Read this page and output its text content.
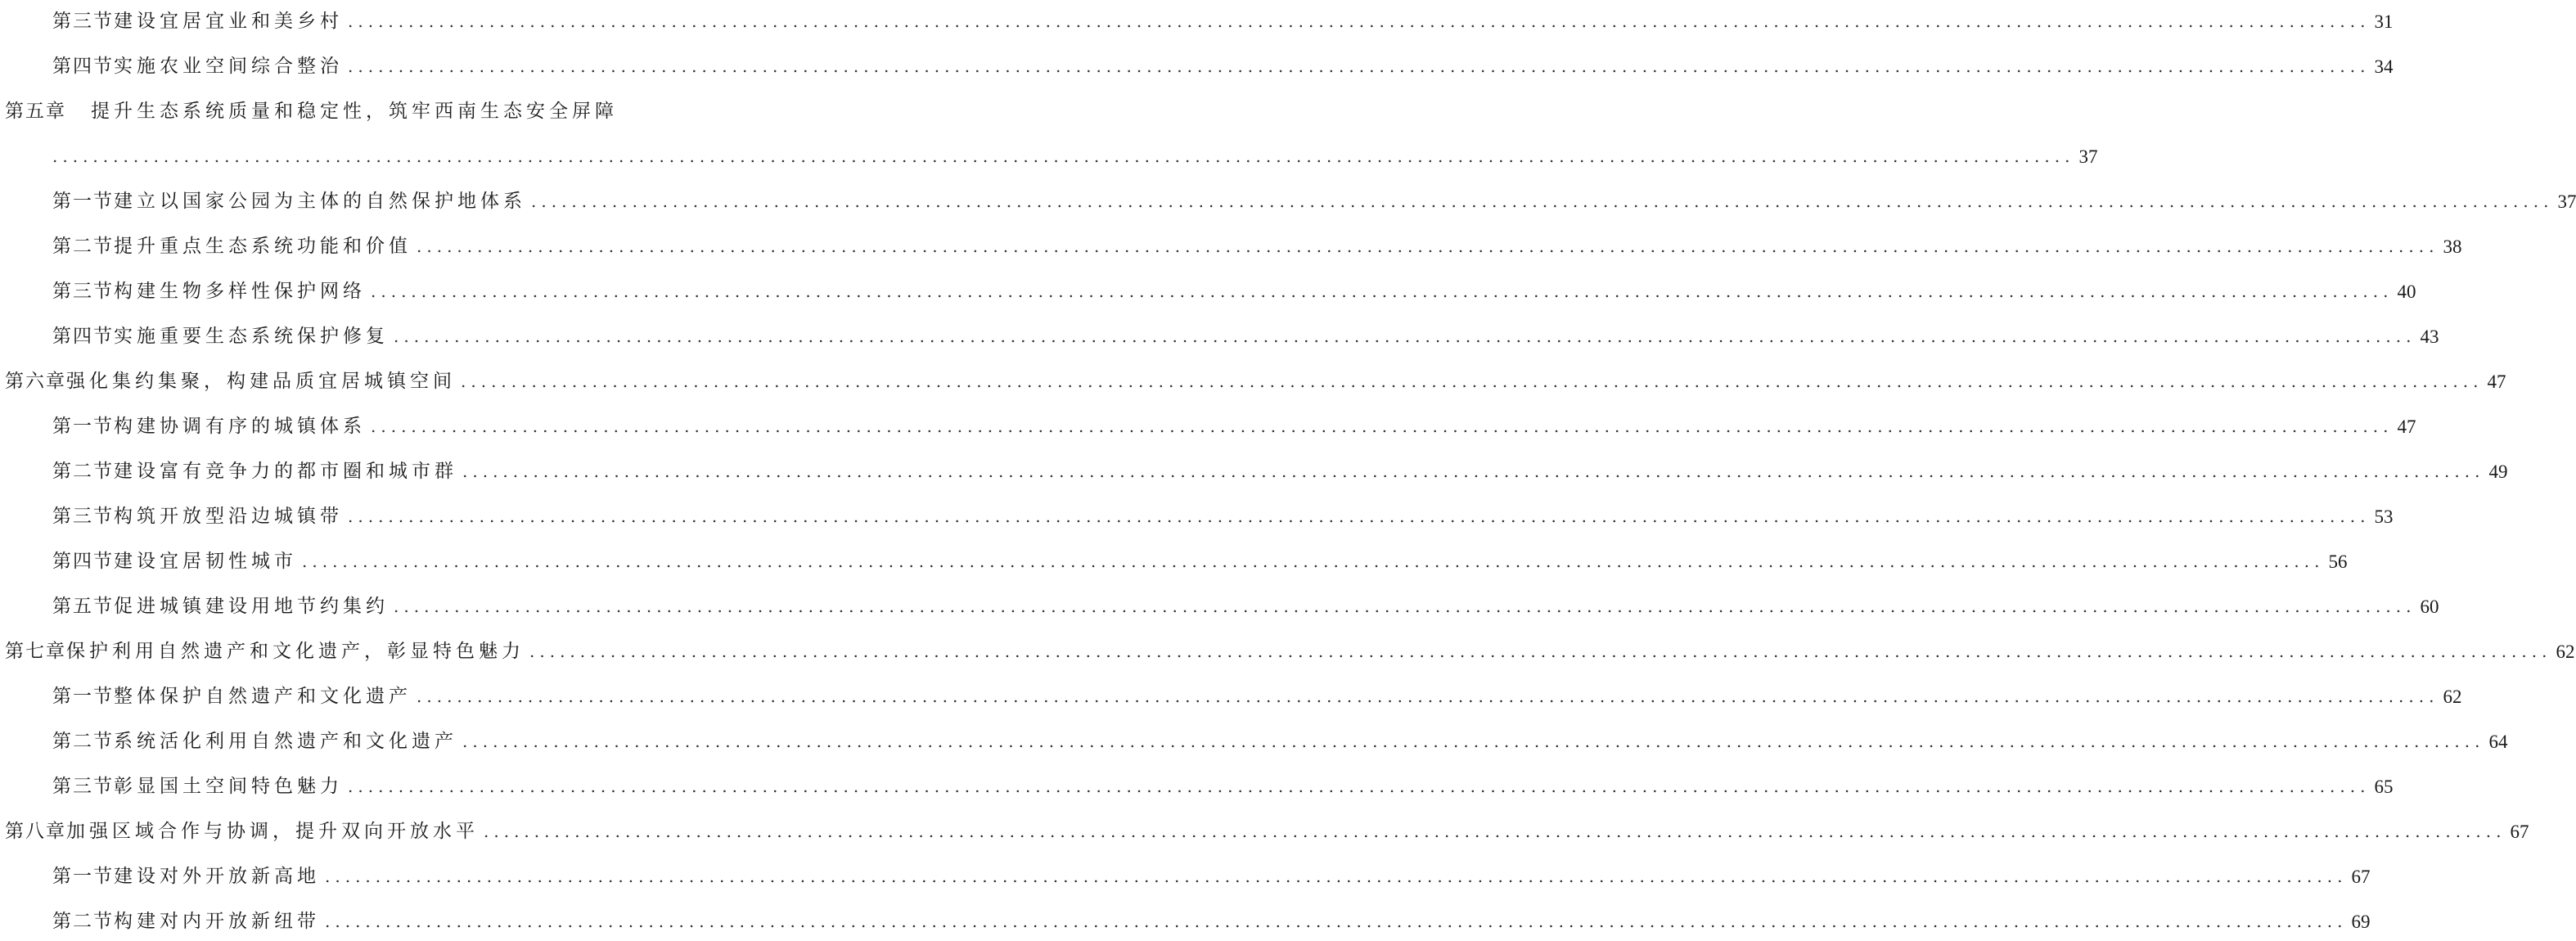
第三节 建设宜居宜业和美乡村 ........................................................................................................................................................................................................ 31
第四节 实施农业空间综合整治 ........................................................................................................................................................................................................ 34
第五章 提升生态系统质量和稳定性，筑牢西南生态安全屏障
........................................................................................................................................................................................................ 37
第一节 建立以国家公园为主体的自然保护地体系 ........................................................................................................................................................................................................ 37
第二节 提升重点生态系统功能和价值 ........................................................................................................................................................................................................ 38
第三节 构建生物多样性保护网络 ........................................................................................................................................................................................................ 40
第四节 实施重要生态系统保护修复 ........................................................................................................................................................................................................ 43
第六章 强化集约集聚，构建品质宜居城镇空间 ........................................................................................................................................................................................................ 47
第一节 构建协调有序的城镇体系 ........................................................................................................................................................................................................ 47
第二节 建设富有竞争力的都市圈和城市群 ........................................................................................................................................................................................................ 49
第三节 构筑开放型沿边城镇带 ........................................................................................................................................................................................................ 53
第四节 建设宜居韧性城市 ........................................................................................................................................................................................................ 56
第五节 促进城镇建设用地节约集约 ........................................................................................................................................................................................................ 60
第七章 保护利用自然遗产和文化遗产，彰显特色魅力 ........................................................................................................................................................................................................ 62
第一节 整体保护自然遗产和文化遗产 ........................................................................................................................................................................................................ 62
第二节 系统活化利用自然遗产和文化遗产 ........................................................................................................................................................................................................ 64
第三节 彰显国土空间特色魅力 ........................................................................................................................................................................................................ 65
第八章 加强区域合作与协调，提升双向开放水平 ........................................................................................................................................................................................................ 67
第一节 建设对外开放新高地 ........................................................................................................................................................................................................ 67
第二节 构建对内开放新纽带 ........................................................................................................................................................................................................ 69
